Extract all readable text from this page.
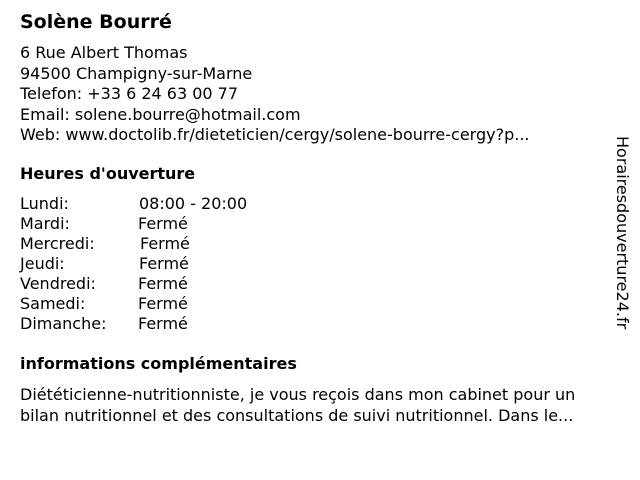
Solène Bourré
6 Rue Albert Thomas
94500 Champigny-sur-Marne
Telefon: +33 6 24 63 00 77
Email: solene.bourre@hotmail.com
Web: www.doctolib.fr/dieteticien/cergy/solene-bourre-cergy?p...
Heures d'ouverture
Lundi:	08:00 - 20:00
Mardi:	Fermé
Mercredi:	Fermé
Jeudi:	Fermé
Vendredi:	Fermé
Samedi:	Fermé
Dimanche: Fermé
informations complémentaires
Diététicienne-nutritionniste, je vous reçois dans mon cabinet pour un
bilan nutritionnel et des consultations de suivi nutritionnel. Dans le...
Horairesdouverture24.fr
